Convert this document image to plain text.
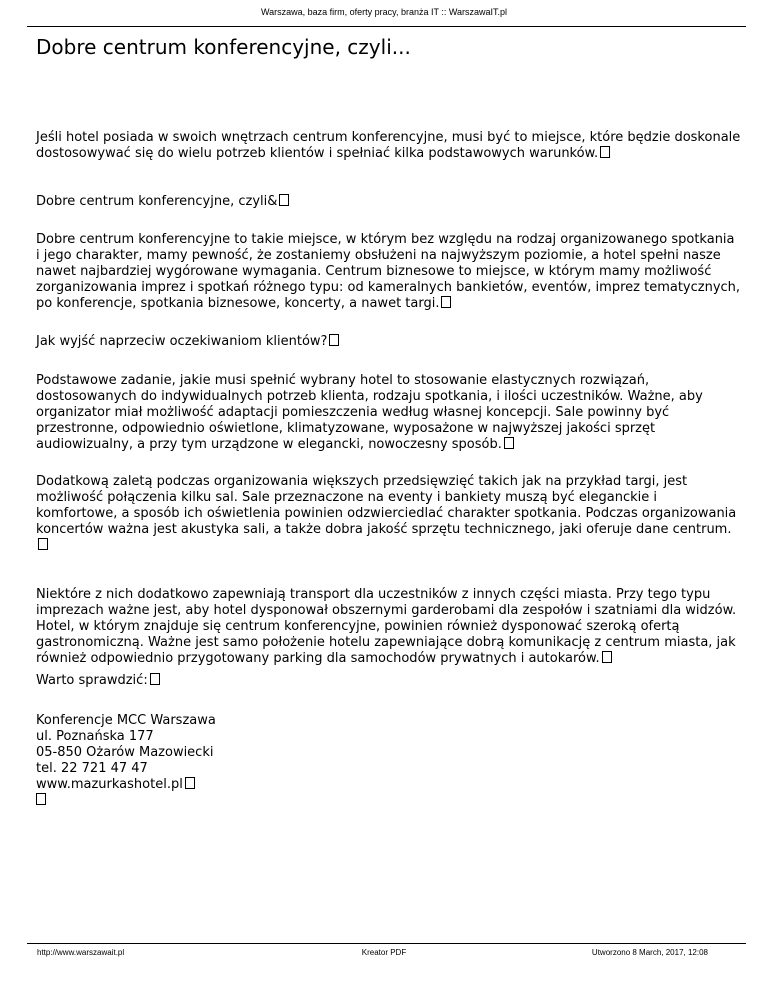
Warszawa, baza firm, oferty pracy, branża IT :: WarszawaIT.pl
Dobre centrum konferencyjne, czyli...

Jeśli hotel posiada w swoich wnętrzach centrum konferencyjne, musi być to miejsce, które będzie doskonale dostosowywać się do wielu potrzeb klientów i spełniać kilka podstawowych warunków.

Dobre centrum konferencyjne, czyli&

Dobre centrum konferencyjne to takie miejsce, w którym bez względu na rodzaj organizowanego spotkania i jego charakter, mamy pewność, że zostaniemy obsłużeni na najwyższym poziomie, a hotel spełni nasze nawet najbardziej wygórowane wymagania. Centrum biznesowe to miejsce, w którym mamy możliwość zorganizowania imprez i spotkań różnego typu: od kameralnych bankietów, eventów, imprez tematycznych, po konferencje, spotkania biznesowe, koncerty, a nawet targi.

Jak wyjść naprzeciw oczekiwaniom klientów?

Podstawowe zadanie, jakie musi spełnić wybrany hotel to stosowanie elastycznych rozwiązań, dostosowanych do indywidualnych potrzeb klienta, rodzaju spotkania, i ilości uczestników. Ważne, aby organizator miał możliwość adaptacji pomieszczenia według własnej koncepcji. Sale powinny być przestronne, odpowiednio oświetlone, klimatyzowane, wyposażone w najwyższej jakości sprzęt audiowizualny, a przy tym urządzone w elegancki, nowoczesny sposób.

Dodatkową zaletą podczas organizowania większych przedsięwzięć takich jak na przykład targi, jest możliwość połączenia kilku sal. Sale przeznaczone na eventy i bankiety muszą być eleganckie i komfortowe, a sposób ich oświetlenia powinien odzwierciedlać charakter spotkania. Podczas organizowania koncertów ważna jest akustyka sali, a także dobra jakość sprzętu technicznego, jaki oferuje dane centrum.

Niektóre z nich dodatkowo zapewniają transport dla uczestników z innych części miasta. Przy tego typu imprezach ważne jest, aby hotel dysponował obszernymi garderobami dla zespołów i szatniami dla widzów. Hotel, w którym znajduje się centrum konferencyjne, powinien również dysponować szeroką ofertą gastronomiczną. Ważne jest samo położenie hotelu zapewniające dobrą komunikację z centrum miasta, jak również odpowiednio przygotowany parking dla samochodów prywatnych i autokarów.

Warto sprawdzić:

Konferencje MCC Warszawa
ul. Poznańska 177
05-850 Ożarów Mazowiecki
tel. 22 721 47 47
www.mazurkashotel.pl
http://www.warszawait.pl	Kreator PDF	Utworzono 8 March, 2017, 12:08
